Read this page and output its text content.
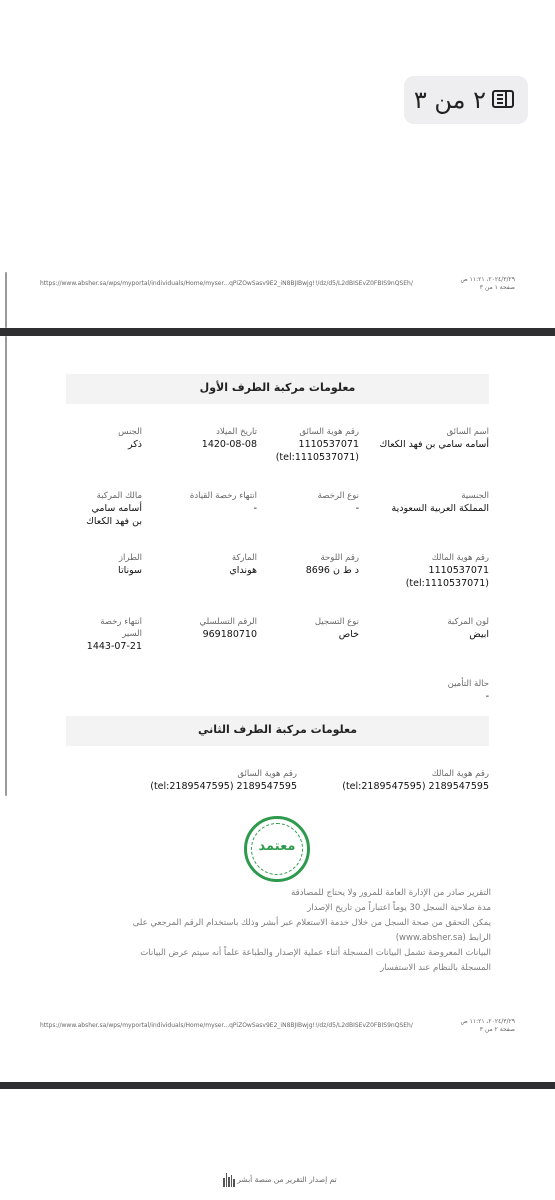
٢ من ٣
https://www.absher.sa/wps/myportal/individuals/Home/myser...qPiZOwSasv9E2_iN8BJIBwjg!!/dz/d5/L2dBISEvZ0FBIS9nQSEh/
٢٠٢٤/٣/٢٩، ١١:٢١ ص
صفحة ١ من ٣
معلومات مركبة الطرف الأول
اسم السائق
أسامه سامي بن فهد الكعاك
رقم هوية السائق
1110537071
(tel:1110537071)
تاريخ الميلاد
1420-08-08
الجنس
ذكر
الجنسية
المملكة العربية السعودية
نوع الرخصة
-
انتهاء رخصة القيادة
-
مالك المركبة
أسامه سامي
بن فهد الكعاك
رقم هوية المالك
1110537071
(tel:1110537071)
رقم اللوحة
د ط ن 8696
الماركة
هونداي
الطراز
سوناتا
لون المركبة
ابيض
نوع التسجيل
خاص
الرقم التسلسلي
969180710
انتهاء رخصة
السير
1443-07-21
حالة التأمين
-
معلومات مركبة الطرف الثاني
رقم هوية المالك
2189547595 (tel:2189547595)
رقم هوية السائق
2189547595 (tel:2189547595)
معتمد
التقرير صادر من الإدارة العامة للمرور ولا يحتاج للمصادقة
مدة صلاحية السجل 30 يوماً اعتباراً من تاريخ الإصدار
يمكن التحقق من صحة السجل من خلال خدمة الاستعلام عبر أبشر وذلك باستخدام الرقم المرجعي على
الرابط (www.absher.sa)
البيانات المعروضة تشمل البيانات المسجلة أثناء عملية الإصدار والطباعة علماً أنه سيتم عرض البيانات
المسجلة بالنظام عند الاستفسار
https://www.absher.sa/wps/myportal/individuals/Home/myser...qPiZOwSasv9E2_iN8BJIBwjg!!/dz/d5/L2dBISEvZ0FBIS9nQSEh/
٢٠٢٤/٣/٢٩، ١١:٢١ ص
صفحة ٢ من ٣
تم إصدار التقرير من منصة أبشر
